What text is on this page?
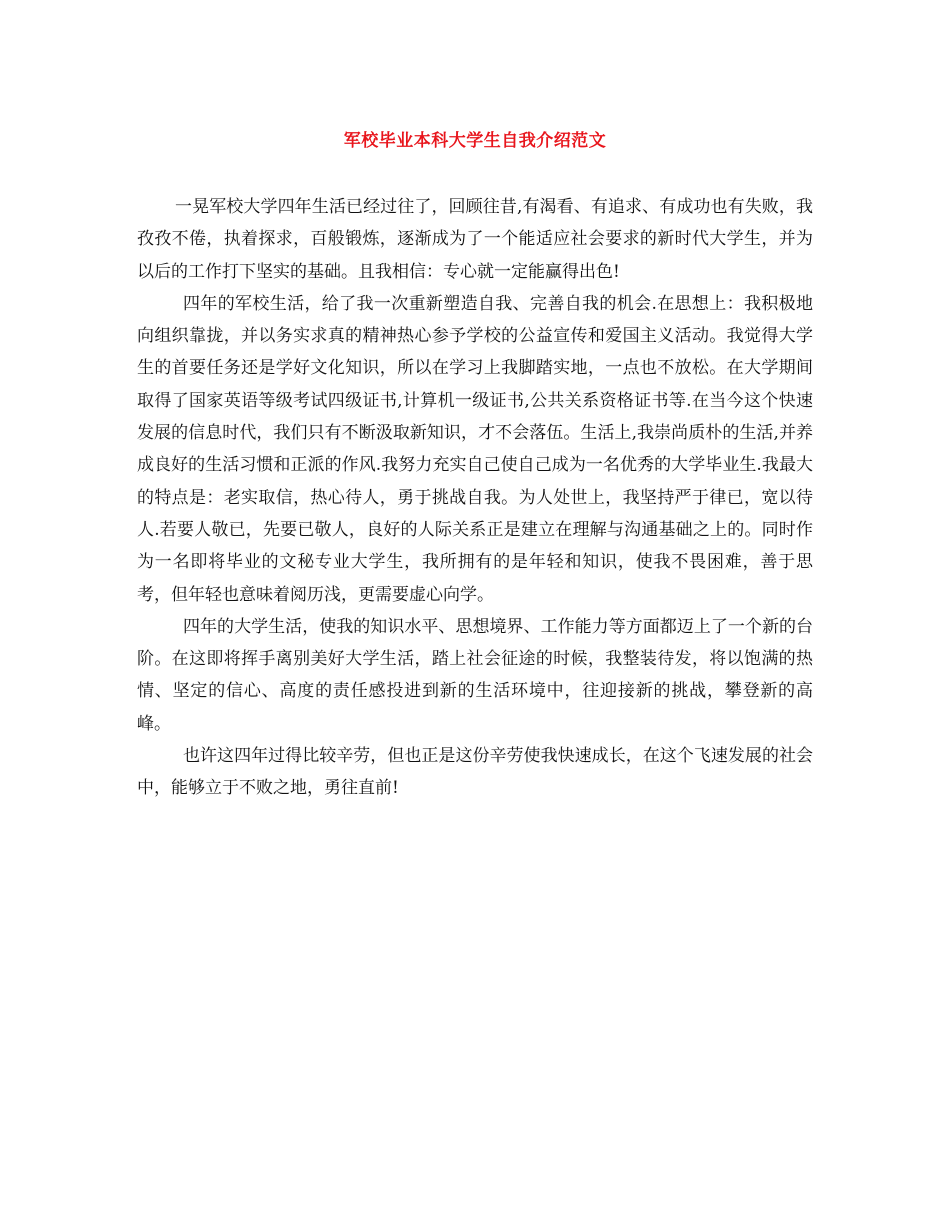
军校毕业本科大学生自我介绍范文

一晃军校大学四年生活已经过往了，回顾往昔,有渴看、有追求、有成功也有失败，我孜孜不倦，执着探求，百般锻炼，逐渐成为了一个能适应社会要求的新时代大学生，并为以后的工作打下坚实的基础。且我相信：专心就一定能赢得出色!

四年的军校生活，给了我一次重新塑造自我、完善自我的机会.在思想上：我积极地向组织靠拢，并以务实求真的精神热心参予学校的公益宣传和爱国主义活动。我觉得大学生的首要任务还是学好文化知识，所以在学习上我脚踏实地，一点也不放松。在大学期间取得了国家英语等级考试四级证书,计算机一级证书,公共关系资格证书等.在当今这个快速发展的信息时代，我们只有不断汲取新知识，才不会落伍。生活上,我崇尚质朴的生活,并养成良好的生活习惯和正派的作风.我努力充实自己使自己成为一名优秀的大学毕业生.我最大的特点是：老实取信，热心待人，勇于挑战自我。为人处世上，我坚持严于律已，宽以待人.若要人敬已，先要已敬人，良好的人际关系正是建立在理解与沟通基础之上的。同时作为一名即将毕业的文秘专业大学生，我所拥有的是年轻和知识，使我不畏困难，善于思考，但年轻也意味着阅历浅，更需要虚心向学。

四年的大学生活，使我的知识水平、思想境界、工作能力等方面都迈上了一个新的台阶。在这即将挥手离别美好大学生活，踏上社会征途的时候，我整装待发，将以饱满的热情、坚定的信心、高度的责任感投进到新的生活环境中，往迎接新的挑战，攀登新的高峰。

也许这四年过得比较辛劳，但也正是这份辛劳使我快速成长，在这个飞速发展的社会中，能够立于不败之地，勇往直前!
